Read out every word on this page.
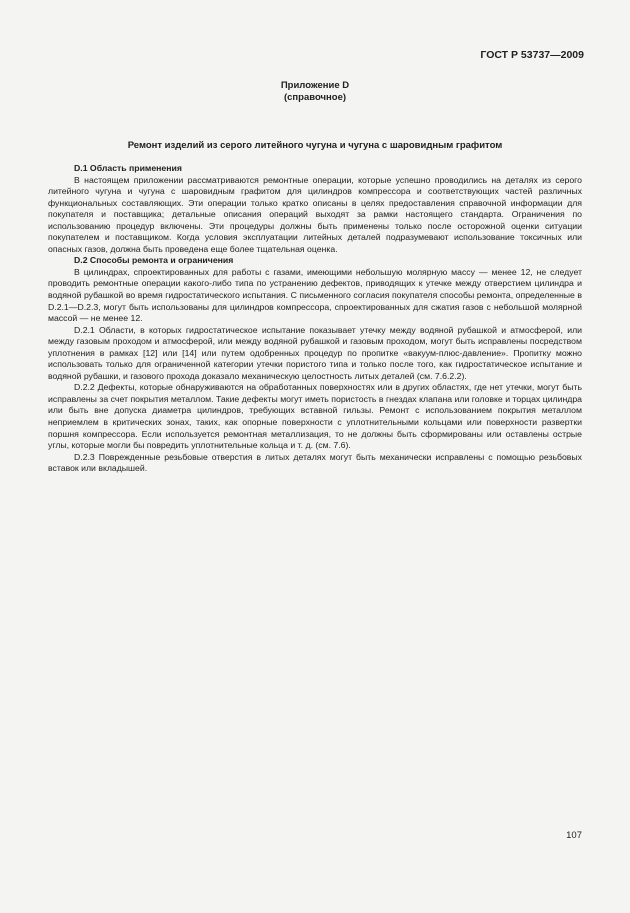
ГОСТ Р 53737—2009
Приложение D
(справочное)
Ремонт изделий из серого литейного чугуна и чугуна с шаровидным графитом
D.1 Область применения

В настоящем приложении рассматриваются ремонтные операции, которые успешно проводились на деталях из серого литейного чугуна и чугуна с шаровидным графитом для цилиндров компрессора и соответствующих частей различных функциональных составляющих. Эти операции только кратко описаны в целях предоставления справочной информации для покупателя и поставщика; детальные описания операций выходят за рамки настоящего стандарта. Ограничения по использованию процедур включены. Эти процедуры должны быть применены только после осторожной оценки ситуации покупателем и поставщиком. Когда условия эксплуатации литейных деталей подразумевают использование токсичных или опасных газов, должна быть проведена еще более тщательная оценка.

D.2 Способы ремонта и ограничения

В цилиндрах, спроектированных для работы с газами, имеющими небольшую молярную массу — менее 12, не следует проводить ремонтные операции какого-либо типа по устранению дефектов, приводящих к утечке между отверстием цилиндра и водяной рубашкой во время гидростатического испытания. С письменного согласия покупателя способы ремонта, определенные в D.2.1—D.2.3, могут быть использованы для цилиндров компрессора, спроектированных для сжатия газов с небольшой молярной массой — не менее 12.

D.2.1 Области, в которых гидростатическое испытание показывает утечку между водяной рубашкой и атмосферой, или между газовым проходом и атмосферой, или между водяной рубашкой и газовым проходом, могут быть исправлены посредством уплотнения в рамках [12] или [14] или путем одобренных процедур по пропитке «вакуум-плюс-давление». Пропитку можно использовать только для ограниченной категории утечки пористого типа и только после того, как гидростатическое испытание и водяной рубашки, и газового прохода доказало механическую целостность литых деталей (см. 7.6.2.2).

D.2.2 Дефекты, которые обнаруживаются на обработанных поверхностях или в других областях, где нет утечки, могут быть исправлены за счет покрытия металлом. Такие дефекты могут иметь пористость в гнездах клапана или головке и торцах цилиндра или быть вне допуска диаметра цилиндров, требующих вставной гильзы. Ремонт с использованием покрытия металлом неприемлем в критических зонах, таких, как опорные поверхности с уплотнительными кольцами или поверхности развертки поршня компрессора. Если используется ремонтная металлизация, то не должны быть сформированы или оставлены острые углы, которые могли бы повредить уплотнительные кольца и т. д. (см. 7.6).

D.2.3 Поврежденные резьбовые отверстия в литых деталях могут быть механически исправлены с помощью резьбовых вставок или вкладышей.

107
